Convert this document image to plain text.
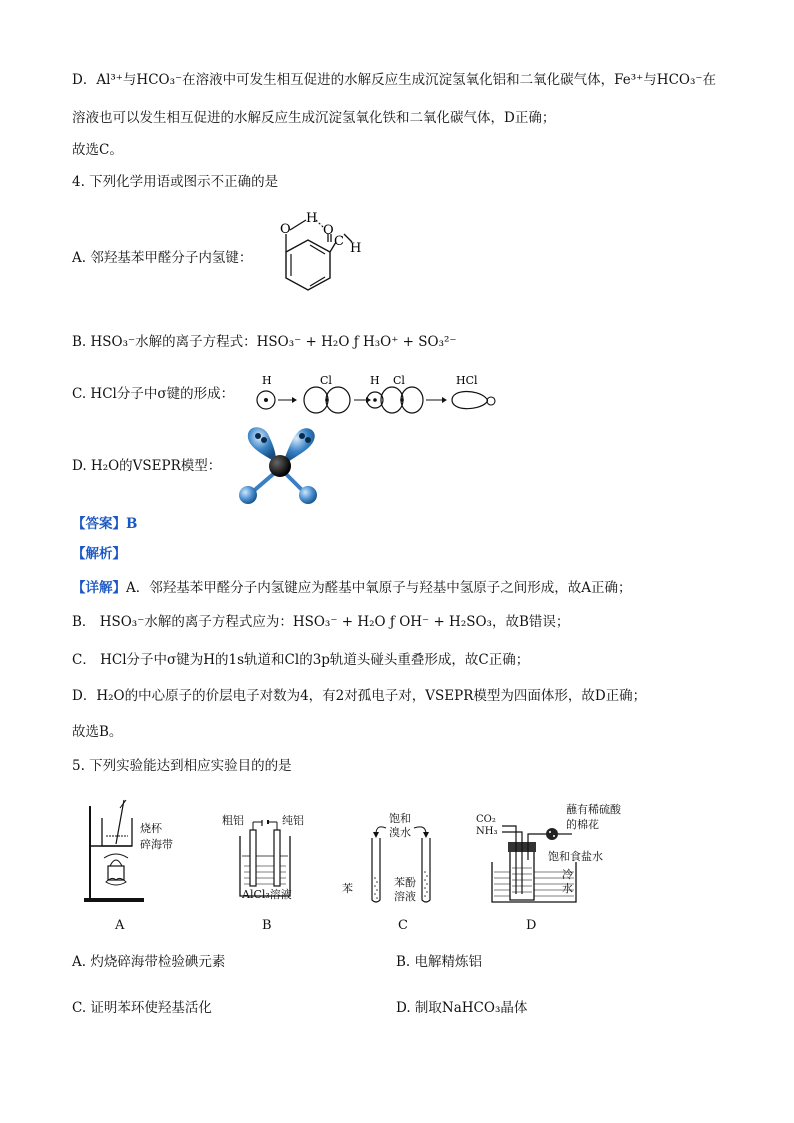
D．Al³⁺与HCO₃⁻在溶液中可发生相互促进的水解反应生成沉淀氢氧化铝和二氧化碳气体，Fe³⁺与HCO₃⁻在
溶液也可以发生相互促进的水解反应生成沉淀氢氧化铁和二氧化碳气体，D正确；
故选C。
4. 下列化学用语或图示不正确的是
A. 邻羟基苯甲醛分子内氢键：
O
H
O
C H
B. HSO₃⁻水解的离子方程式：HSO₃⁻ + H₂O ƒ H₃O⁺ + SO₃²⁻
C. HCl分子中σ键的形成：
H	Cl	H Cl	HCl
D. H₂O的VSEPR模型：
【答案】B
【解析】
【详解】A．邻羟基苯甲醛分子内氢键应为醛基中氧原子与羟基中氢原子之间形成，故A正确；
B． HSO₃⁻水解的离子方程式应为：HSO₃⁻ + H₂O ƒ OH⁻ + H₂SO₃，故B错误；
C． HCl分子中σ键为H的1s轨道和Cl的3p轨道头碰头重叠形成，故C正确；
D．H₂O的中心原子的价层电子对数为4，有2对孤电子对，VSEPR模型为四面体形，故D正确；
故选B。
5. 下列实验能达到相应实验目的的是
烧杯
碎海带
粗铝	纯铝
AlCl₃溶液
饱和溴水
苯	苯酚溶液
CO₂
NH₃
蘸有稀硫酸的棉花
饱和食盐水
冷水
A	B	C	D
A. 灼烧碎海带检验碘元素	B. 电解精炼铝
C. 证明苯环使羟基活化	D. 制取NaHCO₃晶体
